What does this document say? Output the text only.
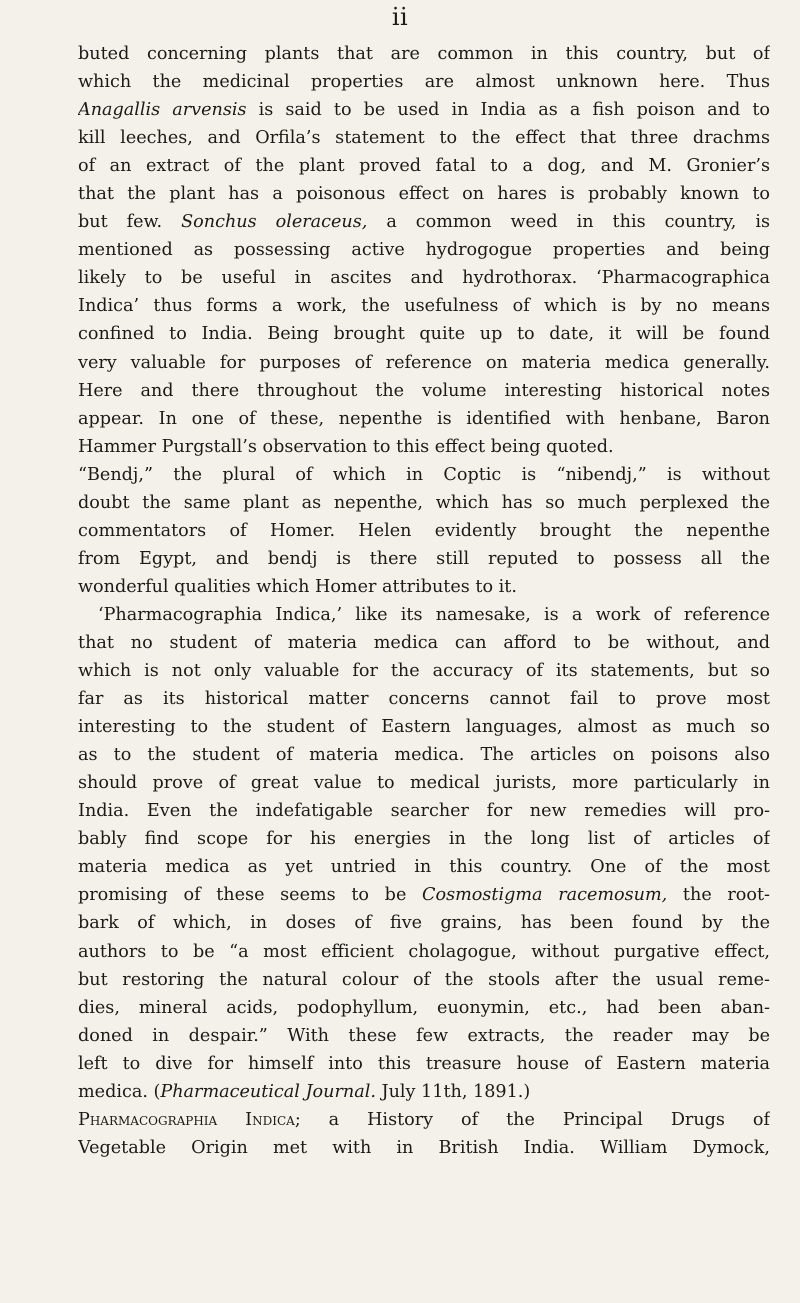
ii
buted concerning plants that are common in this country, but of
which the medicinal properties are almost unknown here. Thus
Anagallis arvensis is said to be used in India as a fish poison and to
kill leeches, and Orfila’s statement to the effect that three drachms
of an extract of the plant proved fatal to a dog, and M. Gronier’s
that the plant has a poisonous effect on hares is probably known to
but few. Sonchus oleraceus, a common weed in this country, is
mentioned as possessing active hydrogogue properties and being
likely to be useful in ascites and hydrothorax. ‘Pharmacographica
Indica’ thus forms a work, the usefulness of which is by no means
confined to India. Being brought quite up to date, it will be found
very valuable for purposes of reference on materia medica generally.
Here and there throughout the volume interesting historical notes
appear. In one of these, nepenthe is identified with henbane, Baron
Hammer Purgstall’s observation to this effect being quoted.
“Bendj,” the plural of which in Coptic is “nibendj,” is without
doubt the same plant as nepenthe, which has so much perplexed the
commentators of Homer. Helen evidently brought the nepenthe
from Egypt, and bendj is there still reputed to possess all the
wonderful qualities which Homer attributes to it.
‘Pharmacographia Indica,’ like its namesake, is a work of reference
that no student of materia medica can afford to be without, and
which is not only valuable for the accuracy of its statements, but so
far as its historical matter concerns cannot fail to prove most
interesting to the student of Eastern languages, almost as much so
as to the student of materia medica. The articles on poisons also
should prove of great value to medical jurists, more particularly in
India. Even the indefatigable searcher for new remedies will pro-
bably find scope for his energies in the long list of articles of
materia medica as yet untried in this country. One of the most
promising of these seems to be Cosmostigma racemosum, the root-
bark of which, in doses of five grains, has been found by the
authors to be “a most efficient cholagogue, without purgative effect,
but restoring the natural colour of the stools after the usual reme-
dies, mineral acids, podophyllum, euonymin, etc., had been aban-
doned in despair.” With these few extracts, the reader may be
left to dive for himself into this treasure house of Eastern materia
medica. (Pharmaceutical Journal. July 11th, 1891.)
Pharmacographia Indica; a History of the Principal Drugs of
Vegetable Origin met with in British India. William Dymock,
